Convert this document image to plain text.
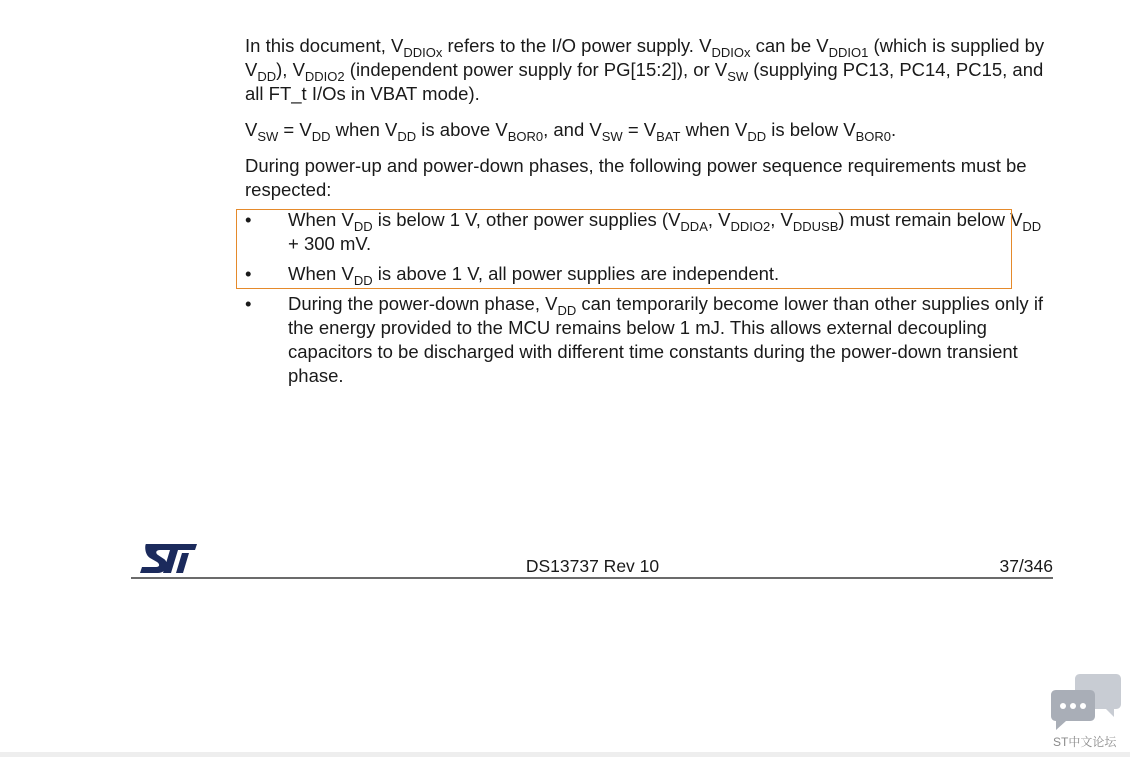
In this document, $V_{DDIOx}$ refers to the I/O power supply. $V_{DDIOx}$ can be $V_{DDIO1}$ (which is supplied by $V_{DD}$), $V_{DDIO2}$ (independent power supply for PG[15:2]), or $V_{SW}$ (supplying PC13, PC14, PC15, and all FT_t I/Os in VBAT mode).

$V_{SW} = V_{DD}$ when $V_{DD}$ is above $V_{BOR0}$, and $V_{SW} = V_{BAT}$ when $V_{DD}$ is below $V_{BOR0}$.

During power-up and power-down phases, the following power sequence requirements must be respected:

• When $V_{DD}$ is below 1 V, other power supplies ($V_{DDA}$, $V_{DDIO2}$, $V_{DDUSB}$) must remain below $V_{DD} + 300$ mV.
• When $V_{DD}$ is above 1 V, all power supplies are independent.
• During the power-down phase, $V_{DD}$ can temporarily become lower than other supplies only if the energy provided to the MCU remains below 1 mJ. This allows external decoupling capacitors to be discharged with different time constants during the power-down transient phase.
DS13737 Rev 10	37/346
ST中文论坛
